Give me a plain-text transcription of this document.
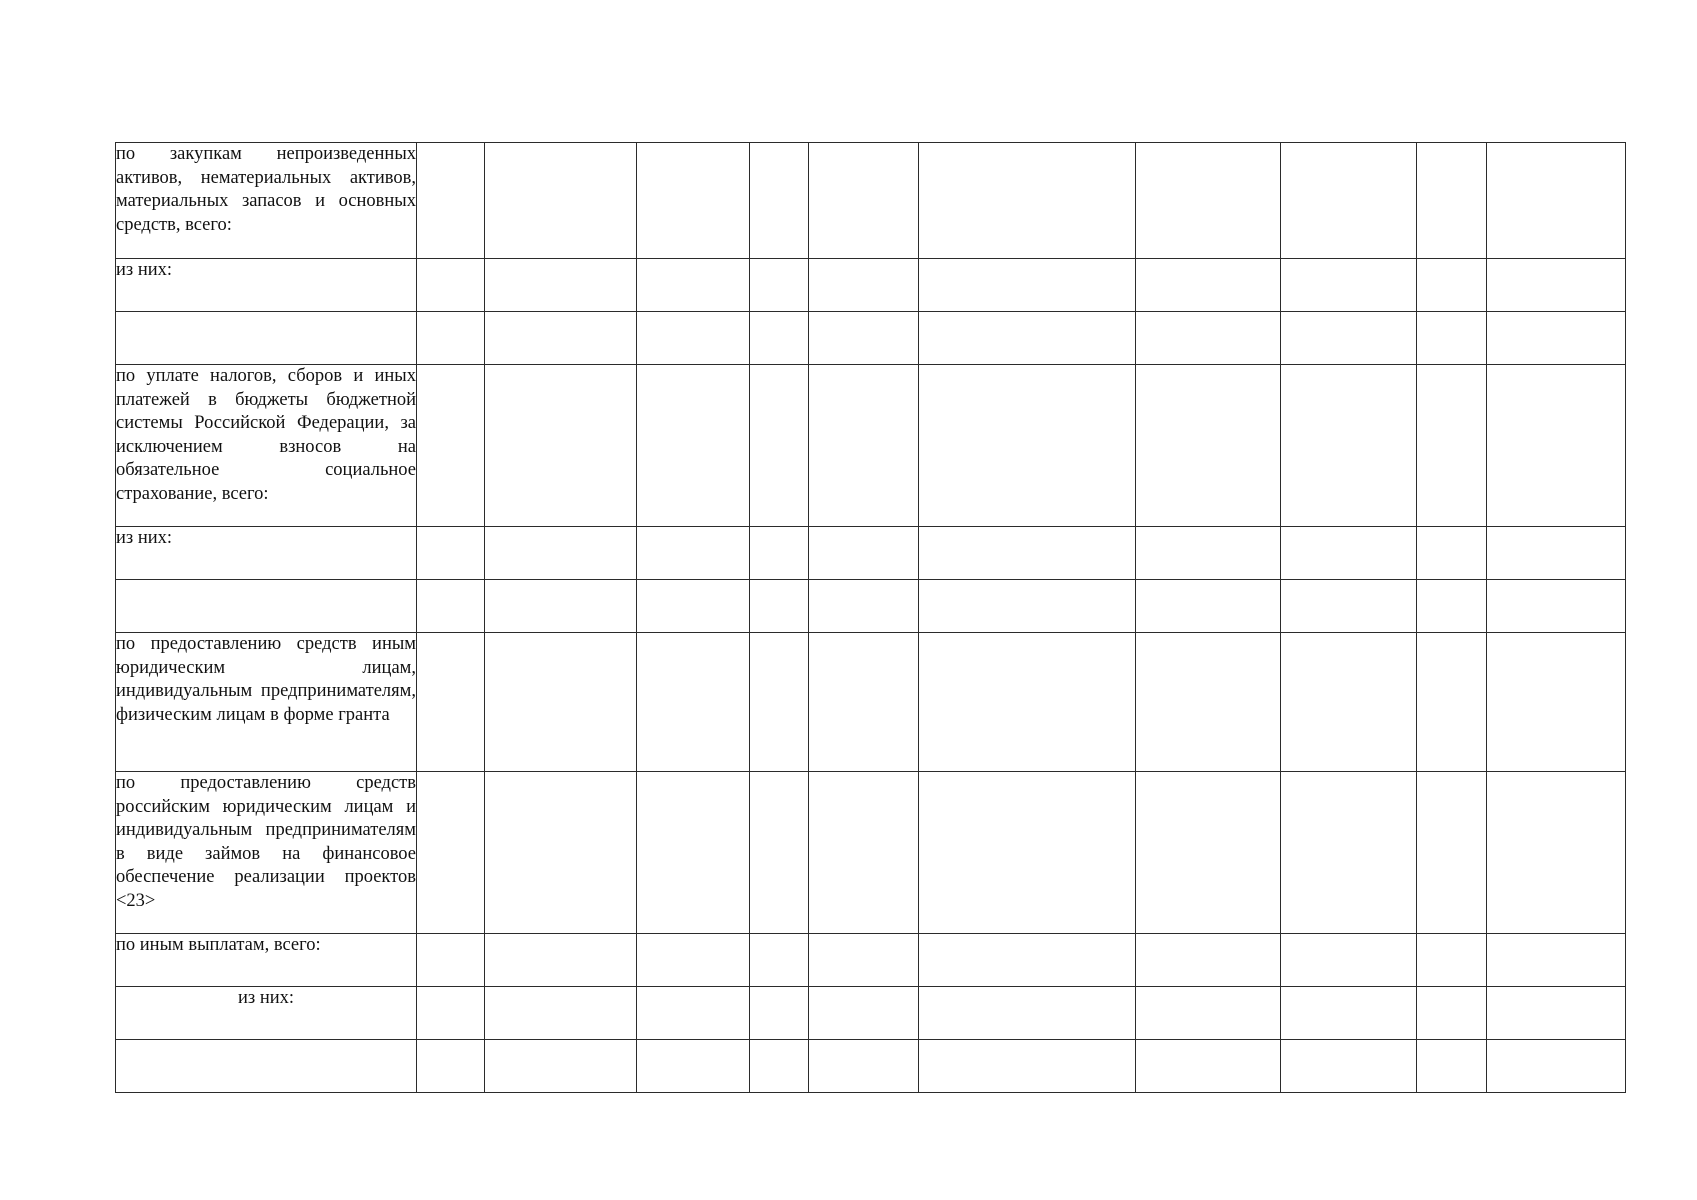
по закупкам непроизведенных активов, нематериальных активов, материальных запасов и основных средств, всего:										

из них:										

по уплате налогов, сборов и иных платежей в бюджеты бюджетной системы Российской Федерации, за исключением взносов на обязательное социальное страхование, всего:										

из них:										

по предоставлению средств иным юридическим лицам, индивидуальным предпринимателям, физическим лицам в форме гранта										

по предоставлению средств российским юридическим лицам и индивидуальным предпринимателям в виде займов на финансовое обеспечение реализации проектов <23>										

по иным выплатам, всего:										

из них:										
